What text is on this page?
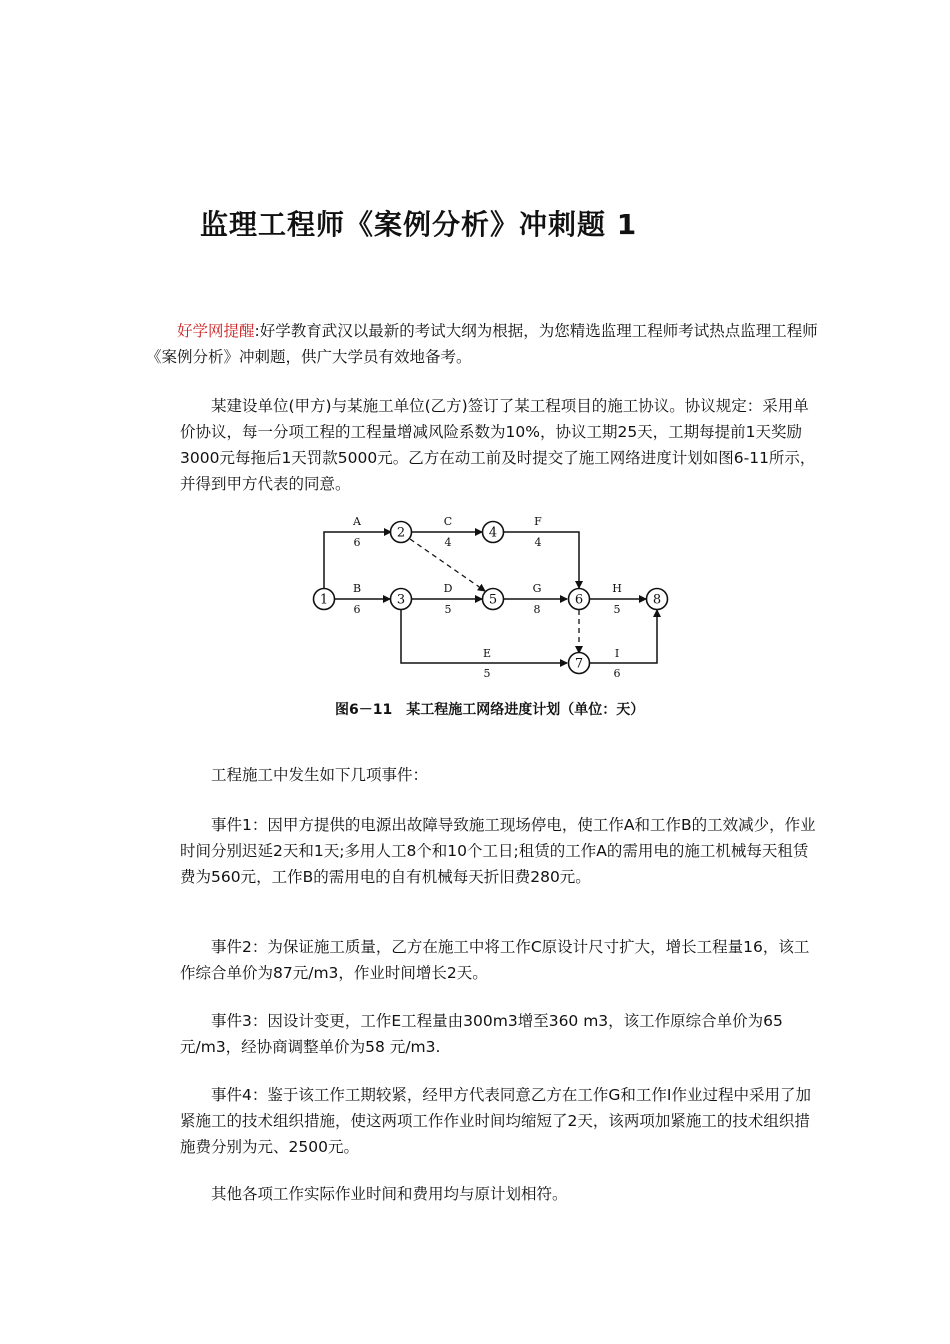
监理工程师《案例分析》冲刺题 1
好学网提醒:好学教育武汉以最新的考试大纲为根据，为您精选监理工程师考试热点监理工程师《案例分析》冲刺题，供广大学员有效地备考。
某建设单位(甲方)与某施工单位(乙方)签订了某工程项目的施工协议。协议规定：采用单价协议，每一分项工程的工程量增减风险系数为10%，协议工期25天，工期每提前1天奖励3000元每拖后1天罚款5000元。乙方在动工前及时提交了施工网络进度计划如图6-11所示，并得到甲方代表的同意。
1
2
3
4
5	6
7
8
A
6
C
4
F
4
B
6
D
5
G
8
H
5
E
5
I
6
图6－11　某工程施工网络进度计划（单位：天）
工程施工中发生如下几项事件：
事件1：因甲方提供的电源出故障导致施工现场停电，使工作A和工作B的工效减少，作业时间分别迟延2天和1天;多用人工8个和10个工日;租赁的工作A的需用电的施工机械每天租赁费为560元，工作B的需用电的自有机械每天折旧费280元。
事件2：为保证施工质量，乙方在施工中将工作C原设计尺寸扩大，增长工程量16，该工作综合单价为87元/m3，作业时间增长2天。
事件3：因设计变更，工作E工程量由300m3增至360 m3，该工作原综合单价为65元/m3，经协商调整单价为58 元/m3.
事件4：鉴于该工作工期较紧，经甲方代表同意乙方在工作G和工作I作业过程中采用了加紧施工的技术组织措施，使这两项工作作业时间均缩短了2天，该两项加紧施工的技术组织措施费分别为元、2500元。
其他各项工作实际作业时间和费用均与原计划相符。
